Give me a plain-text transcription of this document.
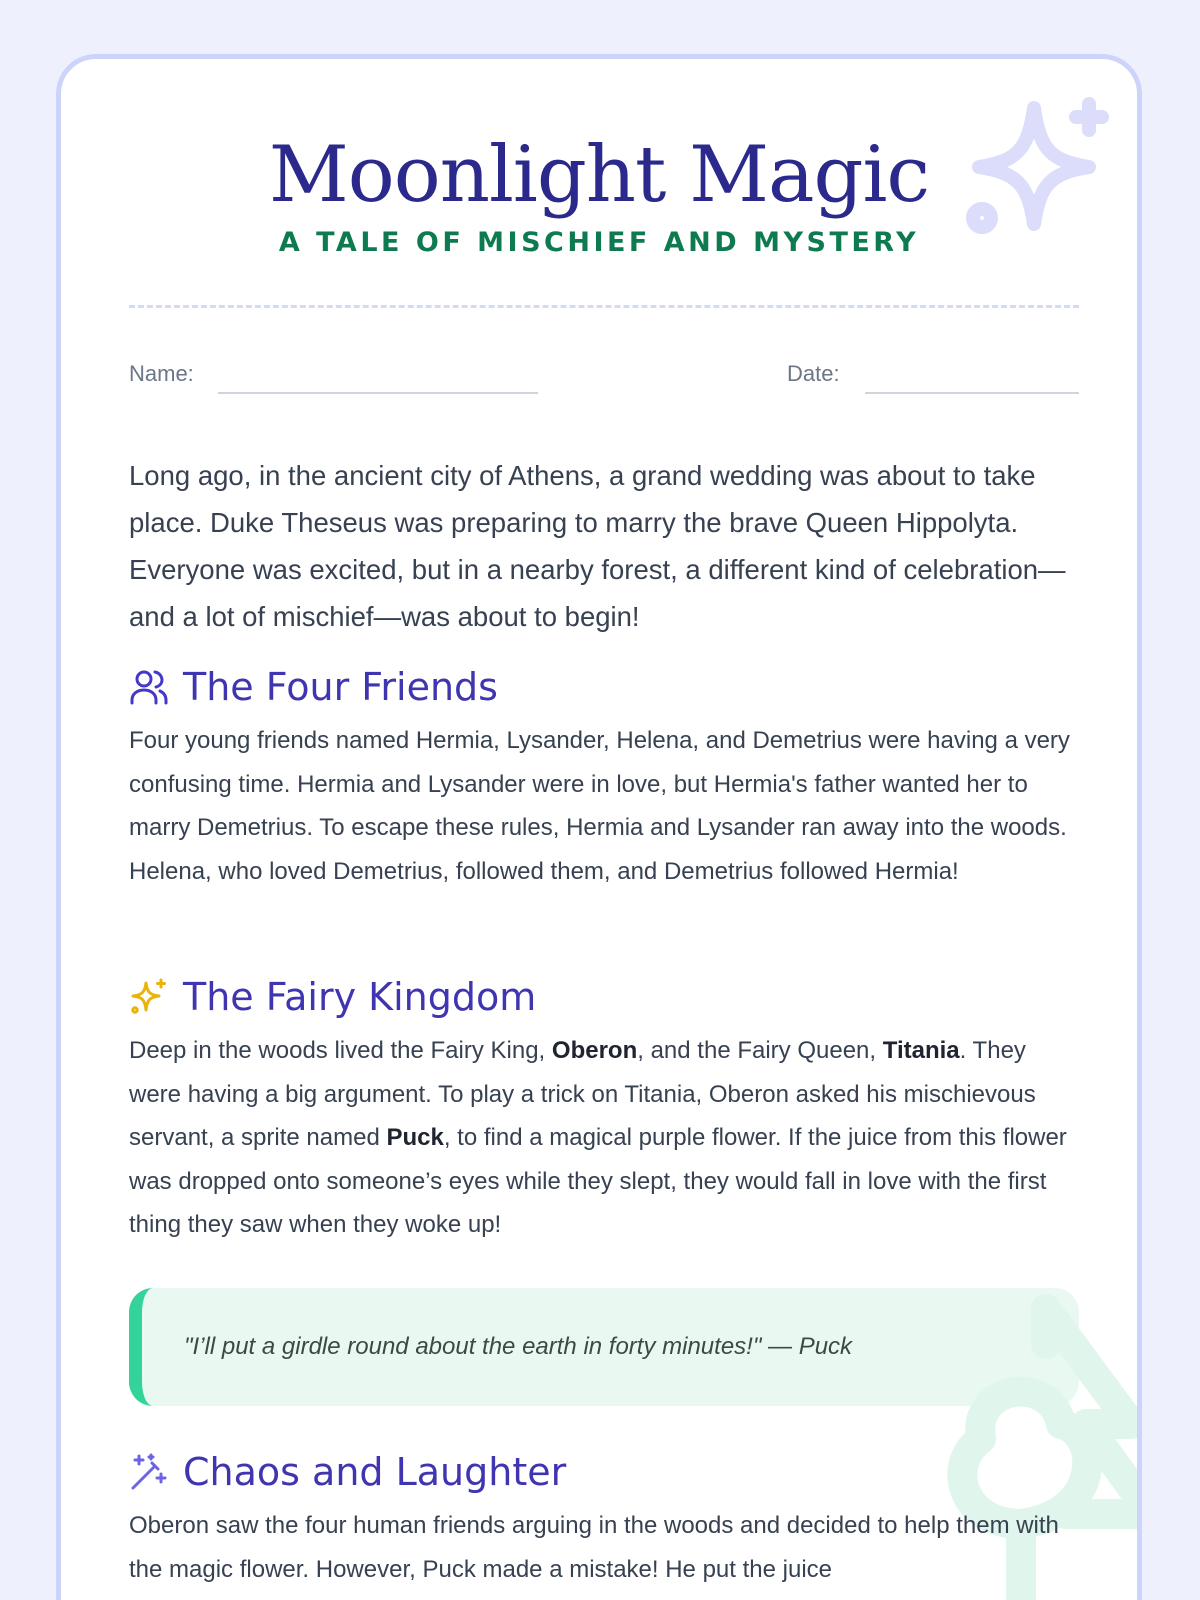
Moonlight Magic
A TALE OF MISCHIEF AND MYSTERY
Name:	Date:

Long ago, in the ancient city of Athens, a grand wedding was about to take place. Duke Theseus was preparing to marry the brave Queen Hippolyta. Everyone was excited, but in a nearby forest, a different kind of celebration—and a lot of mischief—was about to begin!

The Four Friends

Four young friends named Hermia, Lysander, Helena, and Demetrius were having a very confusing time. Hermia and Lysander were in love, but Hermia's father wanted her to marry Demetrius. To escape these rules, Hermia and Lysander ran away into the woods. Helena, who loved Demetrius, followed them, and Demetrius followed Hermia!

The Fairy Kingdom

Deep in the woods lived the Fairy King, Oberon, and the Fairy Queen, Titania. They were having a big argument. To play a trick on Titania, Oberon asked his mischievous servant, a sprite named Puck, to find a magical purple flower. If the juice from this flower was dropped onto someone’s eyes while they slept, they would fall in love with the first thing they saw when they woke up!

"I’ll put a girdle round about the earth in forty minutes!" — Puck

Chaos and Laughter

Oberon saw the four human friends arguing in the woods and decided to help them with the magic flower. However, Puck made a mistake! He put the juice
